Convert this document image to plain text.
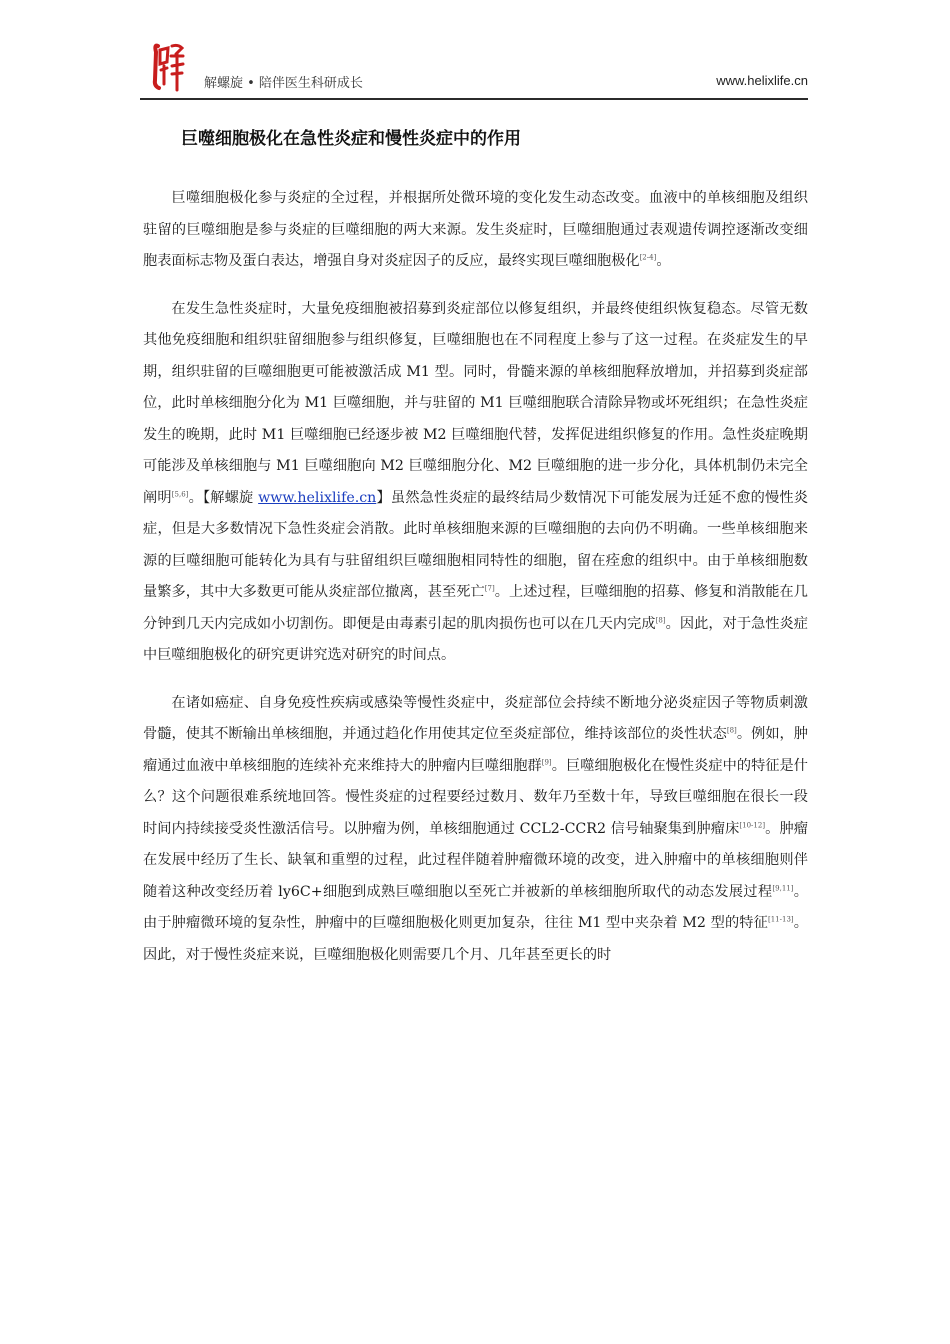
解螺旋 • 陪伴医生科研成长	www.helixlife.cn
巨噬细胞极化在急性炎症和慢性炎症中的作用

巨噬细胞极化参与炎症的全过程，并根据所处微环境的变化发生动态改变。血液中的单核细胞及组织驻留的巨噬细胞是参与炎症的巨噬细胞的两大来源。发生炎症时，巨噬细胞通过表观遗传调控逐渐改变细胞表面标志物及蛋白表达，增强自身对炎症因子的反应，最终实现巨噬细胞极化[2-4]。

在发生急性炎症时，大量免疫细胞被招募到炎症部位以修复组织，并最终使组织恢复稳态。尽管无数其他免疫细胞和组织驻留细胞参与组织修复，巨噬细胞也在不同程度上参与了这一过程。在炎症发生的早期，组织驻留的巨噬细胞更可能被激活成 M1 型。同时，骨髓来源的单核细胞释放增加，并招募到炎症部位，此时单核细胞分化为 M1 巨噬细胞，并与驻留的 M1 巨噬细胞联合清除异物或坏死组织；在急性炎症发生的晚期，此时 M1 巨噬细胞已经逐步被 M2 巨噬细胞代替，发挥促进组织修复的作用。急性炎症晚期可能涉及单核细胞与 M1 巨噬细胞向 M2 巨噬细胞分化、M2 巨噬细胞的进一步分化，具体机制仍未完全阐明[5,6]。【解螺旋 www.helixlife.cn】虽然急性炎症的最终结局少数情况下可能发展为迁延不愈的慢性炎症，但是大多数情况下急性炎症会消散。此时单核细胞来源的巨噬细胞的去向仍不明确。一些单核细胞来源的巨噬细胞可能转化为具有与驻留组织巨噬细胞相同特性的细胞，留在痊愈的组织中。由于单核细胞数量繁多，其中大多数更可能从炎症部位撤离，甚至死亡[7]。上述过程，巨噬细胞的招募、修复和消散能在几分钟到几天内完成如小切割伤。即便是由毒素引起的肌肉损伤也可以在几天内完成[8]。因此，对于急性炎症中巨噬细胞极化的研究更讲究选对研究的时间点。

在诸如癌症、自身免疫性疾病或感染等慢性炎症中，炎症部位会持续不断地分泌炎症因子等物质刺激骨髓，使其不断输出单核细胞，并通过趋化作用使其定位至炎症部位，维持该部位的炎性状态[8]。例如，肿瘤通过血液中单核细胞的连续补充来维持大的肿瘤内巨噬细胞群[9]。巨噬细胞极化在慢性炎症中的特征是什么？这个问题很难系统地回答。慢性炎症的过程要经过数月、数年乃至数十年，导致巨噬细胞在很长一段时间内持续接受炎性激活信号。以肿瘤为例，单核细胞通过 CCL2-CCR2 信号轴聚集到肿瘤床[10-12]。肿瘤在发展中经历了生长、缺氧和重塑的过程，此过程伴随着肿瘤微环境的改变，进入肿瘤中的单核细胞则伴随着这种改变经历着 ly6C+细胞到成熟巨噬细胞以至死亡并被新的单核细胞所取代的动态发展过程[9,11]。由于肿瘤微环境的复杂性，肿瘤中的巨噬细胞极化则更加复杂，往往 M1 型中夹杂着 M2 型的特征[11-13]。因此，对于慢性炎症来说，巨噬细胞极化则需要几个月、几年甚至更长的时
